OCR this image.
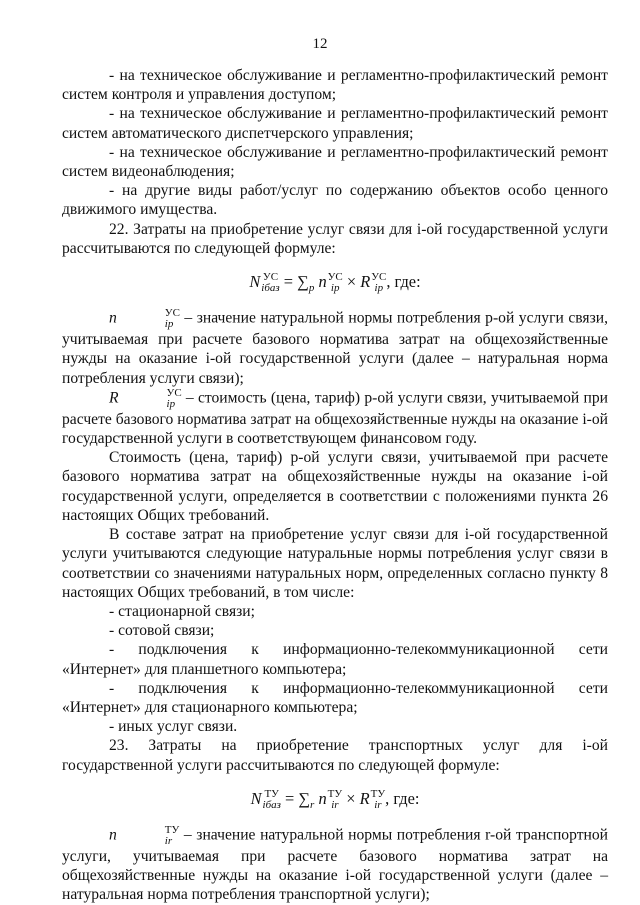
12

- на техническое обслуживание и регламентно-профилактический ремонт систем контроля и управления доступом;

- на техническое обслуживание и регламентно-профилактический ремонт систем автоматического диспетчерского управления;

- на техническое обслуживание и регламентно-профилактический ремонт систем видеонаблюдения;

- на другие виды работ/услуг по содержанию объектов особо ценного движимого имущества.

22. Затраты на приобретение услуг связи для i-ой государственной услуги рассчитываются по следующей формуле:

N УС
iбаз = ∑p n УС
ip × R УС
ip , где:

n	УС
ip – значение натуральной нормы потребления p-ой услуги связи, учитываемая при расчете базового норматива затрат на общехозяйственные нужды на оказание i-ой государственной услуги (далее – натуральная норма потребления услуги связи);

R	УС
ip – стоимость (цена, тариф) p-ой услуги связи, учитываемой при расчете базового норматива затрат на общехозяйственные нужды на оказание i-ой государственной услуги в соответствующем финансовом году.

Стоимость (цена, тариф) p-ой услуги связи, учитываемой при расчете базового норматива затрат на общехозяйственные нужды на оказание i-ой государственной услуги, определяется в соответствии с положениями пункта 26 настоящих Общих требований.

В составе затрат на приобретение услуг связи для i-ой государственной услуги учитываются следующие натуральные нормы потребления услуг связи в соответствии со значениями натуральных норм, определенных согласно пункту 8 настоящих Общих требований, в том числе:

- стационарной связи;

- сотовой связи;

- подключения к информационно-телекоммуникационной сети «Интернет» для планшетного компьютера;

- подключения к информационно-телекоммуникационной сети «Интернет» для стационарного компьютера;

- иных услуг связи.

23. Затраты на приобретение транспортных услуг для i-ой государственной услуги рассчитываются по следующей формуле:

N ТУ
iбаз = ∑r n ТУ
ir × R ТУ
ir , где:

n	ТУ
ir – значение натуральной нормы потребления r-ой транспортной услуги, учитываемая при расчете базового норматива затрат на общехозяйственные нужды на оказание i-ой государственной услуги (далее – натуральная норма потребления транспортной услуги);
